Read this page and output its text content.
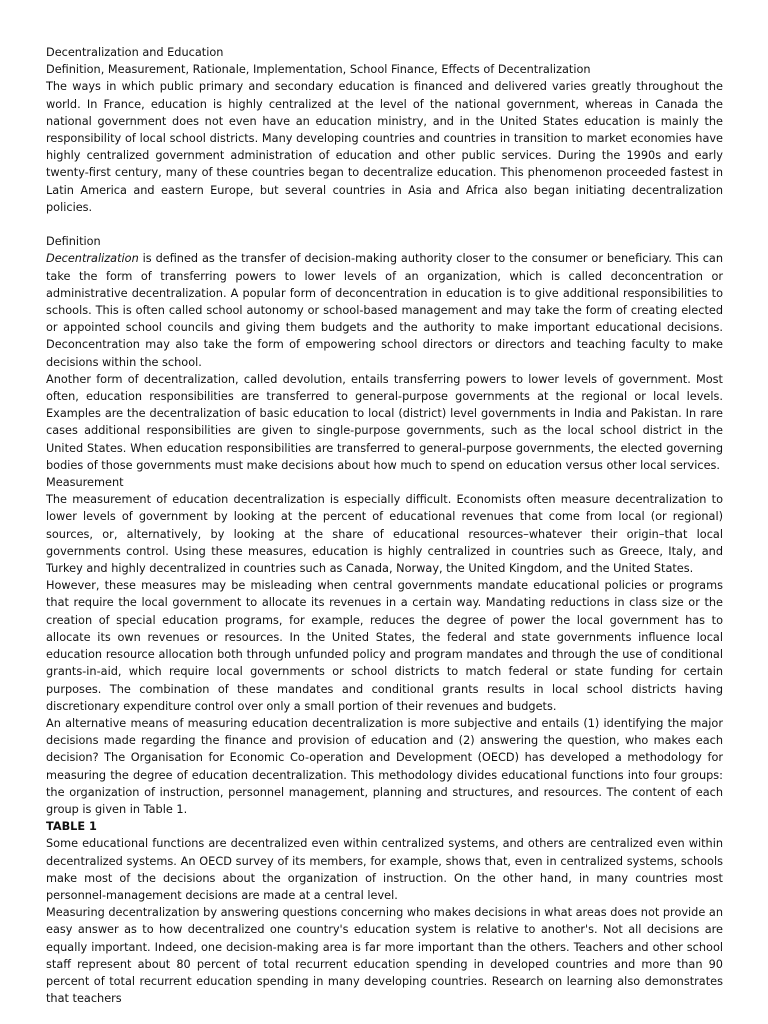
Decentralization and Education

Definition, Measurement, Rationale, Implementation, School Finance, Effects of Decentralization

The ways in which public primary and secondary education is financed and delivered varies greatly throughout the world. In France, education is highly centralized at the level of the national government, whereas in Canada the national government does not even have an education ministry, and in the United States education is mainly the responsibility of local school districts. Many developing countries and countries in transition to market economies have highly centralized government administration of education and other public services. During the 1990s and early twenty-first century, many of these countries began to decentralize education. This phenomenon proceeded fastest in Latin America and eastern Europe, but several countries in Asia and Africa also began initiating decentralization policies.

Definition

Decentralization is defined as the transfer of decision-making authority closer to the consumer or beneficiary. This can take the form of transferring powers to lower levels of an organization, which is called deconcentration or administrative decentralization. A popular form of deconcentration in education is to give additional responsibilities to schools. This is often called school autonomy or school-based management and may take the form of creating elected or appointed school councils and giving them budgets and the authority to make important educational decisions. Deconcentration may also take the form of empowering school directors or directors and teaching faculty to make decisions within the school.

Another form of decentralization, called devolution, entails transferring powers to lower levels of government. Most often, education responsibilities are transferred to general-purpose governments at the regional or local levels. Examples are the decentralization of basic education to local (district) level governments in India and Pakistan. In rare cases additional responsibilities are given to single-purpose governments, such as the local school district in the United States. When education responsibilities are transferred to general-purpose governments, the elected governing bodies of those governments must make decisions about how much to spend on education versus other local services.

Measurement

The measurement of education decentralization is especially difficult. Economists often measure decentralization to lower levels of government by looking at the percent of educational revenues that come from local (or regional) sources, or, alternatively, by looking at the share of educational resources–whatever their origin–that local governments control. Using these measures, education is highly centralized in countries such as Greece, Italy, and Turkey and highly decentralized in countries such as Canada, Norway, the United Kingdom, and the United States.

However, these measures may be misleading when central governments mandate educational policies or programs that require the local government to allocate its revenues in a certain way. Mandating reductions in class size or the creation of special education programs, for example, reduces the degree of power the local government has to allocate its own revenues or resources. In the United States, the federal and state governments influence local education resource allocation both through unfunded policy and program mandates and through the use of conditional grants-in-aid, which require local governments or school districts to match federal or state funding for certain purposes. The combination of these mandates and conditional grants results in local school districts having discretionary expenditure control over only a small portion of their revenues and budgets.

An alternative means of measuring education decentralization is more subjective and entails (1) identifying the major decisions made regarding the finance and provision of education and (2) answering the question, who makes each decision? The Organisation for Economic Co-operation and Development (OECD) has developed a methodology for measuring the degree of education decentralization. This methodology divides educational functions into four groups: the organization of instruction, personnel management, planning and structures, and resources. The content of each group is given in Table 1.

TABLE 1

Some educational functions are decentralized even within centralized systems, and others are centralized even within decentralized systems. An OECD survey of its members, for example, shows that, even in centralized systems, schools make most of the decisions about the organization of instruction. On the other hand, in many countries most personnel-management decisions are made at a central level.

Measuring decentralization by answering questions concerning who makes decisions in what areas does not provide an easy answer as to how decentralized one country's education system is relative to another's. Not all decisions are equally important. Indeed, one decision-making area is far more important than the others. Teachers and other school staff represent about 80 percent of total recurrent education spending in developed countries and more than 90 percent of total recurrent education spending in many developing countries. Research on learning also demonstrates that teachers
